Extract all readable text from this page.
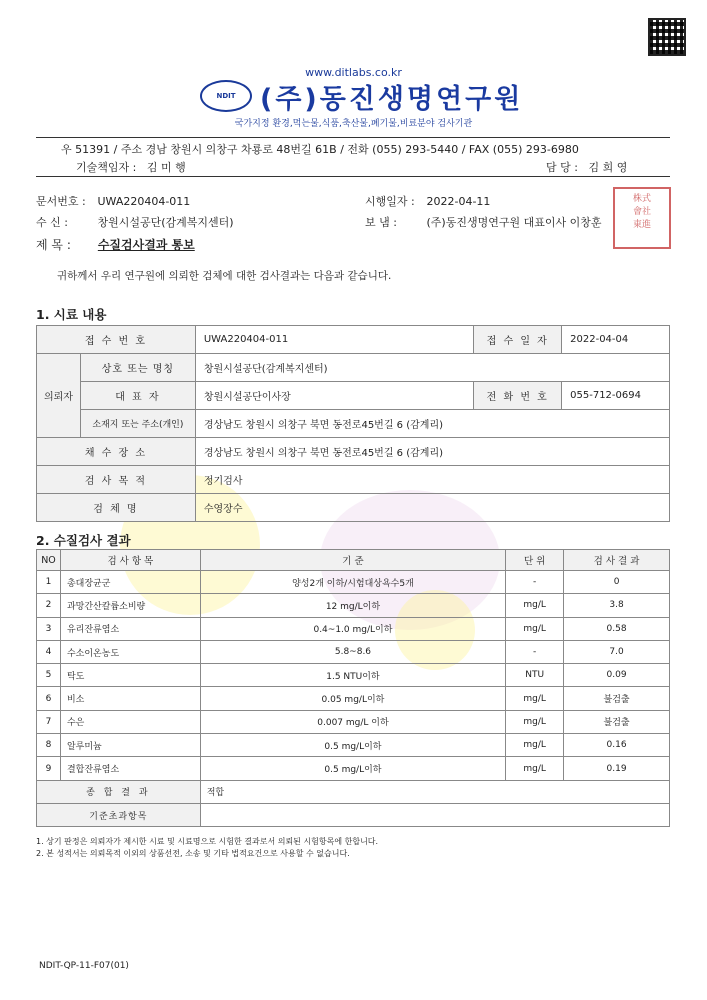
www.ditlabs.co.kr
NDIT (주)동진생명연구원
국가지정 환경,먹는물,식품,축산물,폐기물,비료분야 검사기관
우 51391 / 주소 경남 창원시 의창구 차룡로 48번길 61B / 전화 (055) 293-5440 / FAX (055) 293-6980
기술책임자 : 김 미 행	담 당 : 김 희 영
문서번호 : UWA220404-011	시행일자 : 2022-04-11
수 신 :	창원시설공단(감계복지센터)	보 냄 :	(주)동진생명연구원 대표이사 이창훈
제 목 : 수질검사결과 통보
株式
會社
東進
귀하께서 우리 연구원에 의뢰한 검체에 대한 검사결과는 다음과 같습니다.
1. 시료 내용
접 수 번 호		UWA220404-011	접 수 일 자	2022-04-04
의뢰자	상호 또는 명칭	창원시설공단(감계복지센터)		
	대 표 자	창원시설공단이사장	전 화 번 호	055-712-0694
	소재지 또는 주소(개인)	경상남도 창원시 의창구 북면 동전로45번길 6 (감계리)		
채 수 장 소		경상남도 창원시 의창구 북면 동전로45번길 6 (감계리)		
검 사 목 적		정기검사		
검 체 명		수영장수		
2. 수질검사 결과
NO	검 사 항 목	기 준	단 위	검 사 결 과
1	총대장균군	양성2개 이하/시험대상욕수5개	-	0
2	과망간산칼륨소비량	12 mg/L이하	mg/L	3.8
3	유리잔류염소	0.4~1.0 mg/L이하	mg/L	0.58
4	수소이온농도	5.8~8.6	-	7.0
5	탁도	1.5 NTU이하	NTU	0.09
6	비소	0.05 mg/L이하	mg/L	불검출
7	수은	0.007 mg/L 이하	mg/L	불검출
8	알루미늄	0.5 mg/L이하	mg/L	0.16
9	결합잔류염소	0.5 mg/L이하	mg/L	0.19
종 합 결 과		적합		
기준초과항목				
1. 상기 판정은 의뢰자가 제시한 시료 및 시료명으로 시험한 결과로서 의뢰된 시험항목에 한합니다.
2. 본 성적서는 의뢰목적 이외의 상품선전, 소송 및 기타 법적요건으로 사용할 수 없습니다.
NDIT-QP-11-F07(01)
